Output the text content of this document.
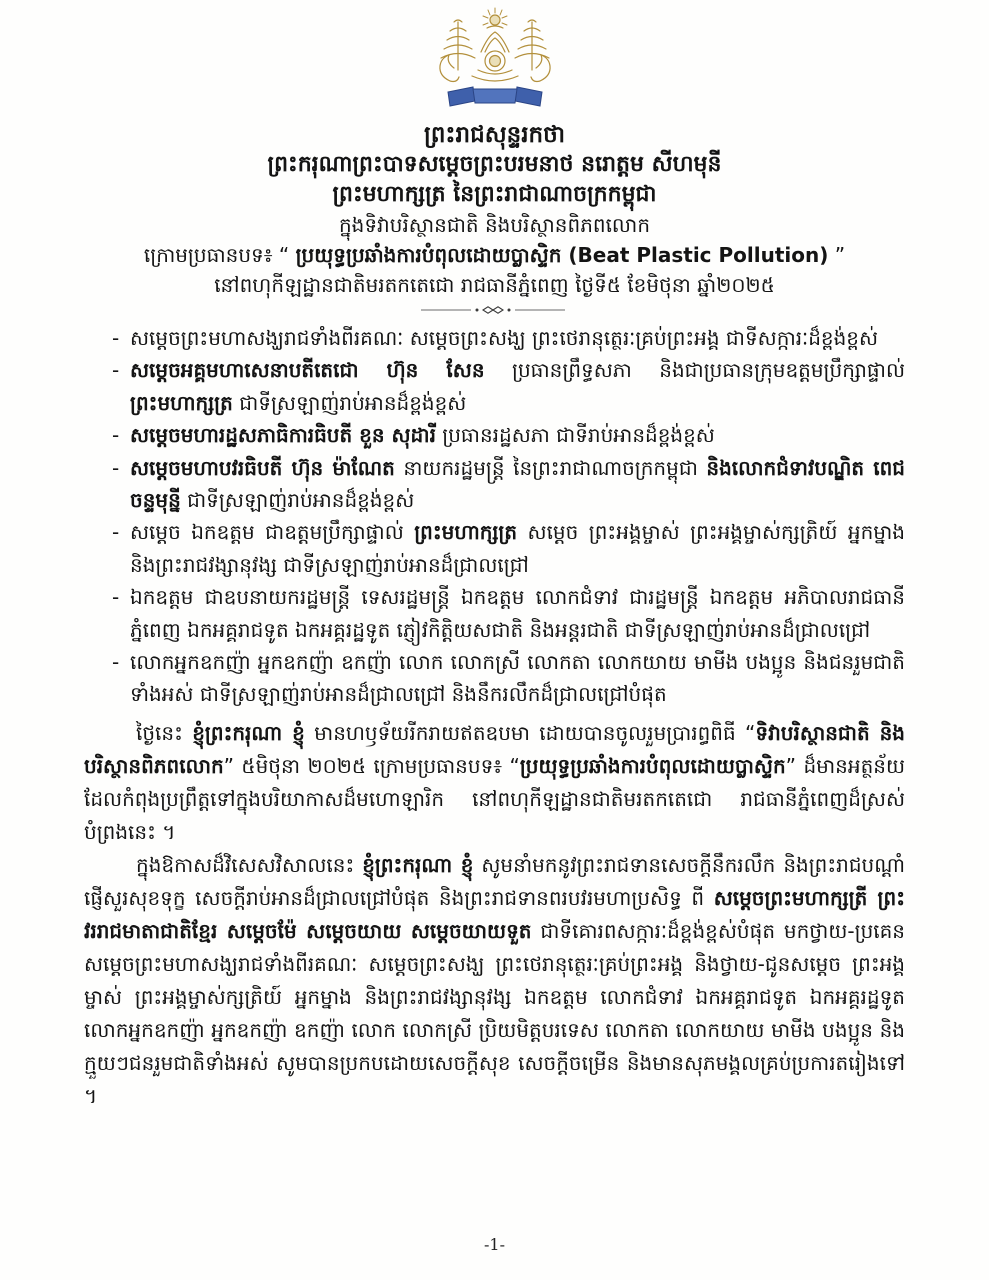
ព្រះរាជសុន្ទរកថា
ព្រះករុណាព្រះបាទសម្តេចព្រះបរមនាថ នរោត្តម សីហមុនី
ព្រះមហាក្សត្រ នៃព្រះរាជាណាចក្រកម្ពុជា
ក្នុងទិវាបរិស្ថានជាតិ និងបរិស្ថានពិភពលោក
ក្រោមប្រធានបទ៖ “ ប្រយុទ្ធប្រឆាំងការបំពុលដោយប្លាស្ទិក (Beat Plastic Pollution) ”
នៅពហុកីឡដ្ឋានជាតិមរតកតេជោ រាជធានីភ្នំពេញ ថ្ងៃទី៥ ខែមិថុនា ឆ្នាំ២០២៥
- សម្តេចព្រះមហាសង្ឃរាជទាំងពីរគណៈ សម្តេចព្រះសង្ឃ ព្រះថេរានុត្ថេរៈគ្រប់ព្រះអង្គ ជាទីសក្ការៈដ៏ខ្ពង់ខ្ពស់
- សម្តេចអគ្គមហាសេនាបតីតេជោ ហ៊ុន សែន ប្រធានព្រឹទ្ធសភា និងជាប្រធានក្រុមឧត្តមប្រឹក្សាផ្ទាល់ ព្រះមហាក្សត្រ ជាទីស្រឡាញ់រាប់អានដ៏ខ្ពង់ខ្ពស់
- សម្តេចមហារដ្ឋសភាធិការធិបតី ខួន សុដារី ប្រធានរដ្ឋសភា ជាទីរាប់អានដ៏ខ្ពង់ខ្ពស់
- សម្តេចមហាបវរធិបតី ហ៊ុន ម៉ាណែត នាយករដ្ឋមន្ត្រី នៃព្រះរាជាណាចក្រកម្ពុជា និងលោកជំទាវបណ្ឌិត ពេជ ចន្ទមុន្នី ជាទីស្រឡាញ់រាប់អានដ៏ខ្ពង់ខ្ពស់
- សម្តេច ឯកឧត្តម ជាឧត្តមប្រឹក្សាផ្ទាល់ ព្រះមហាក្សត្រ សម្តេច ព្រះអង្គម្ចាស់ ព្រះអង្គម្ចាស់ក្សត្រិយ៍ អ្នកម្នាង និងព្រះរាជវង្សានុវង្ស ជាទីស្រឡាញ់រាប់អានដ៏ជ្រាលជ្រៅ
- ឯកឧត្តម ជាឧបនាយករដ្ឋមន្ត្រី ទេសរដ្ឋមន្ត្រី ឯកឧត្តម លោកជំទាវ ជារដ្ឋមន្ត្រី ឯកឧត្តម អភិបាលរាជធានីភ្នំពេញ ឯកអគ្គរាជទូត ឯកអគ្គរដ្ឋទូត ភ្ញៀវកិត្តិយសជាតិ និងអន្តរជាតិ ជាទីស្រឡាញ់រាប់អានដ៏ជ្រាលជ្រៅ
- លោកអ្នកឧកញ៉ា អ្នកឧកញ៉ា ឧកញ៉ា លោក លោកស្រី លោកតា លោកយាយ មាមីង បងប្អូន និងជនរួមជាតិទាំងអស់ ជាទីស្រឡាញ់រាប់អានដ៏ជ្រាលជ្រៅ និងនឹករលឹកដ៏ជ្រាលជ្រៅបំផុត

ថ្ងៃនេះ ខ្ញុំព្រះករុណា ខ្ញុំ មានហឫទ័យរីករាយឥតឧបមា ដោយបានចូលរួមប្រារព្ធពិធី “ទិវាបរិស្ថានជាតិ និងបរិស្ថានពិភពលោក” ៥មិថុនា ២០២៥ ក្រោមប្រធានបទ៖ “ប្រយុទ្ធប្រឆាំងការបំពុលដោយប្លាស្ទិក” ដ៏មានអត្ថន័យ ដែលកំពុងប្រព្រឹត្តទៅក្នុងបរិយាកាសដ៏មហោឡារិក នៅពហុកីឡដ្ឋានជាតិមរតកតេជោ រាជធានីភ្នំពេញដ៏ស្រស់បំព្រងនេះ ។

ក្នុងឱកាសដ៏វិសេសវិសាលនេះ ខ្ញុំព្រះករុណា ខ្ញុំ សូមនាំមកនូវព្រះរាជទានសេចក្តីនឹករលឹក និងព្រះរាជបណ្តាំផ្ញើសួរសុខទុក្ខ សេចក្តីរាប់អានដ៏ជ្រាលជ្រៅបំផុត និងព្រះរាជទានពរបវរមហាប្រសិទ្ធ ពី សម្តេចព្រះមហាក្សត្រី ព្រះវររាជមាតាជាតិខ្មែរ សម្តេចម៉ែ សម្តេចយាយ សម្តេចយាយទួត ជាទីគោរពសក្ការៈដ៏ខ្ពង់ខ្ពស់បំផុត មកថ្វាយ-ប្រគេន សម្តេចព្រះមហាសង្ឃរាជទាំងពីរគណៈ សម្តេចព្រះសង្ឃ ព្រះថេរានុត្ថេរៈគ្រប់ព្រះអង្គ និងថ្វាយ-ជូនសម្តេច ព្រះអង្គម្ចាស់ ព្រះអង្គម្ចាស់ក្សត្រិយ៍ អ្នកម្នាង និងព្រះរាជវង្សានុវង្ស ឯកឧត្តម លោកជំទាវ ឯកអគ្គរាជទូត ឯកអគ្គរដ្ឋទូត លោកអ្នកឧកញ៉ា អ្នកឧកញ៉ា ឧកញ៉ា លោក លោកស្រី ប្រិយមិត្តបរទេស លោកតា លោកយាយ មាមីង បងប្អូន និងក្មួយៗជនរួមជាតិទាំងអស់ សូមបានប្រកបដោយសេចក្តីសុខ សេចក្តីចម្រើន និងមានសុភមង្គលគ្រប់ប្រការតរៀងទៅ ។

-1-
